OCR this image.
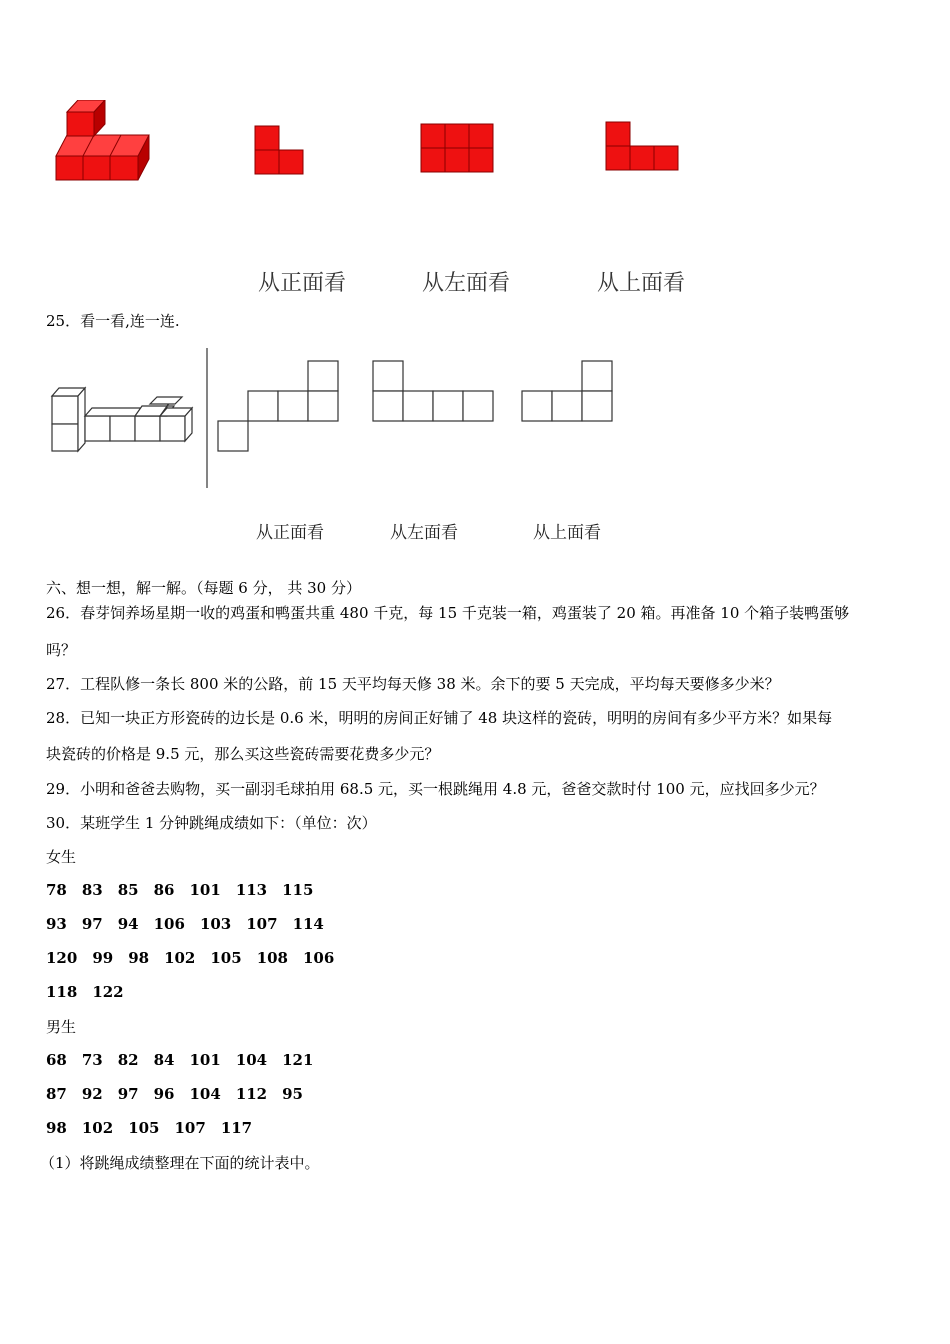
从正面看	从左面看	从上面看
25．看一看,连一连.
从正面看	从左面看	从上面看
六、想一想，解一解。（每题 6 分， 共 30 分）
26．春芽饲养场星期一收的鸡蛋和鸭蛋共重 480 千克，每 15 千克装一箱，鸡蛋装了 20 箱。再准备 10 个箱子装鸭蛋够
吗？
27．工程队修一条长 800 米的公路，前 15 天平均每天修 38 米。余下的要 5 天完成，平均每天要修多少米？
28．已知一块正方形瓷砖的边长是 0.6 米，明明的房间正好铺了 48 块这样的瓷砖，明明的房间有多少平方米？如果每
块瓷砖的价格是 9.5 元，那么买这些瓷砖需要花费多少元？
29．小明和爸爸去购物，买一副羽毛球拍用 68.5 元，买一根跳绳用 4.8 元，爸爸交款时付 100 元，应找回多少元？
30．某班学生 1 分钟跳绳成绩如下：（单位：次）
女生
78 83 85 86 101 113 115
93 97 94 106 103 107 114
120 99 98 102 105 108 106
118 122
男生
68 73 82 84 101 104 121
87 92 97 96 104 112 95
98 102 105 107 117
（1）将跳绳成绩整理在下面的统计表中。
